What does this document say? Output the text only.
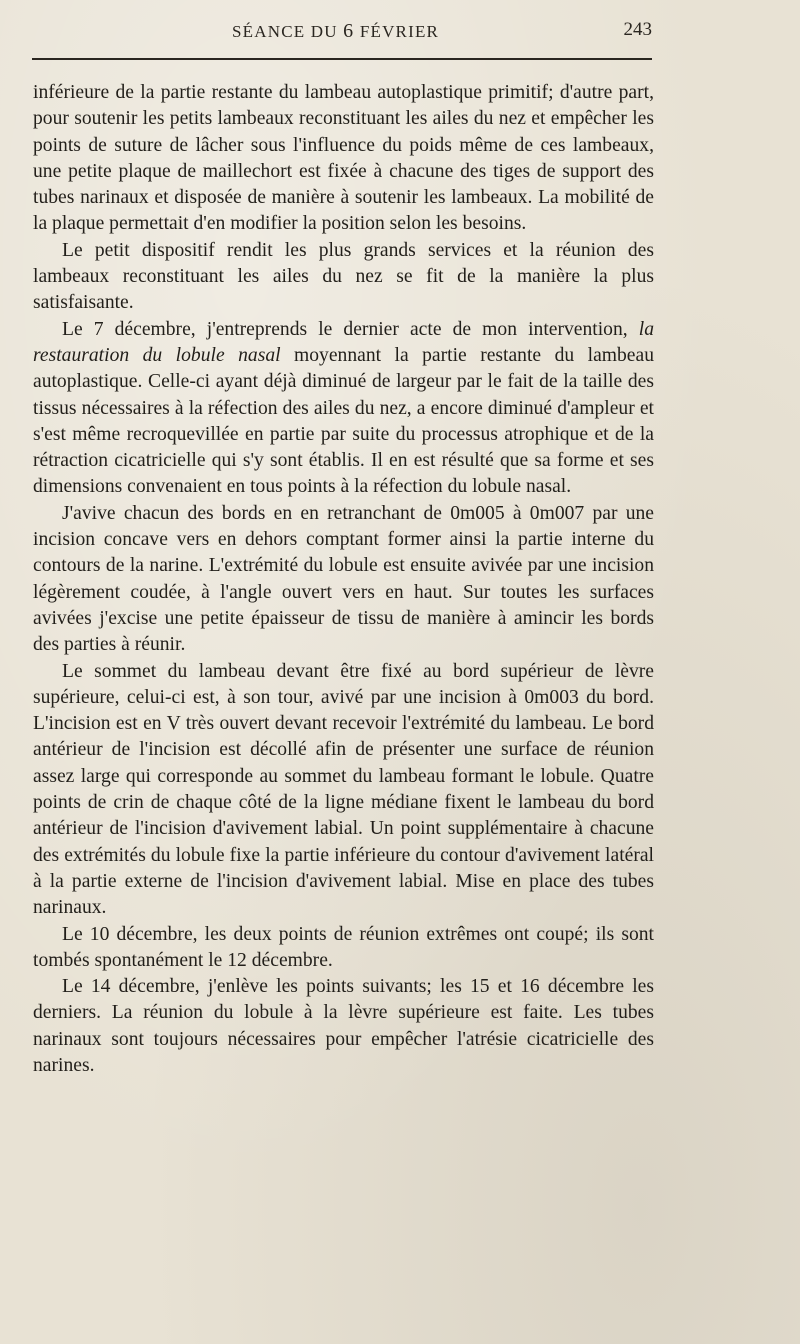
SÉANCE DU 6 FÉVRIER	243

inférieure de la partie restante du lambeau autoplastique primitif; d'autre part, pour soutenir les petits lambeaux reconstituant les ailes du nez et empêcher les points de suture de lâcher sous l'influence du poids même de ces lambeaux, une petite plaque de maillechort est fixée à chacune des tiges de support des tubes narinaux et disposée de manière à soutenir les lambeaux. La mobilité de la plaque permettait d'en modifier la position selon les besoins.

Le petit dispositif rendit les plus grands services et la réunion des lambeaux reconstituant les ailes du nez se fit de la manière la plus satisfaisante.

Le 7 décembre, j'entreprends le dernier acte de mon intervention, la restauration du lobule nasal moyennant la partie restante du lambeau autoplastique. Celle-ci ayant déjà diminué de largeur par le fait de la taille des tissus nécessaires à la réfection des ailes du nez, a encore diminué d'ampleur et s'est même recroquevillée en partie par suite du processus atrophique et de la rétraction cicatricielle qui s'y sont établis. Il en est résulté que sa forme et ses dimensions convenaient en tous points à la réfection du lobule nasal.

J'avive chacun des bords en en retranchant de 0m005 à 0m007 par une incision concave vers en dehors comptant former ainsi la partie interne du contours de la narine. L'extrémité du lobule est ensuite avivée par une incision légèrement coudée, à l'angle ouvert vers en haut. Sur toutes les surfaces avivées j'excise une petite épaisseur de tissu de manière à amincir les bords des parties à réunir.

Le sommet du lambeau devant être fixé au bord supérieur de lèvre supérieure, celui-ci est, à son tour, avivé par une incision à 0m003 du bord. L'incision est en V très ouvert devant recevoir l'extrémité du lambeau. Le bord antérieur de l'incision est décollé afin de présenter une surface de réunion assez large qui corresponde au sommet du lambeau formant le lobule. Quatre points de crin de chaque côté de la ligne médiane fixent le lambeau du bord antérieur de l'incision d'avivement labial. Un point supplémentaire à chacune des extrémités du lobule fixe la partie inférieure du contour d'avivement latéral à la partie externe de l'incision d'avivement labial. Mise en place des tubes narinaux.

Le 10 décembre, les deux points de réunion extrêmes ont coupé; ils sont tombés spontanément le 12 décembre.

Le 14 décembre, j'enlève les points suivants; les 15 et 16 décembre les derniers. La réunion du lobule à la lèvre supérieure est faite. Les tubes narinaux sont toujours nécessaires pour empêcher l'atrésie cicatricielle des narines.
